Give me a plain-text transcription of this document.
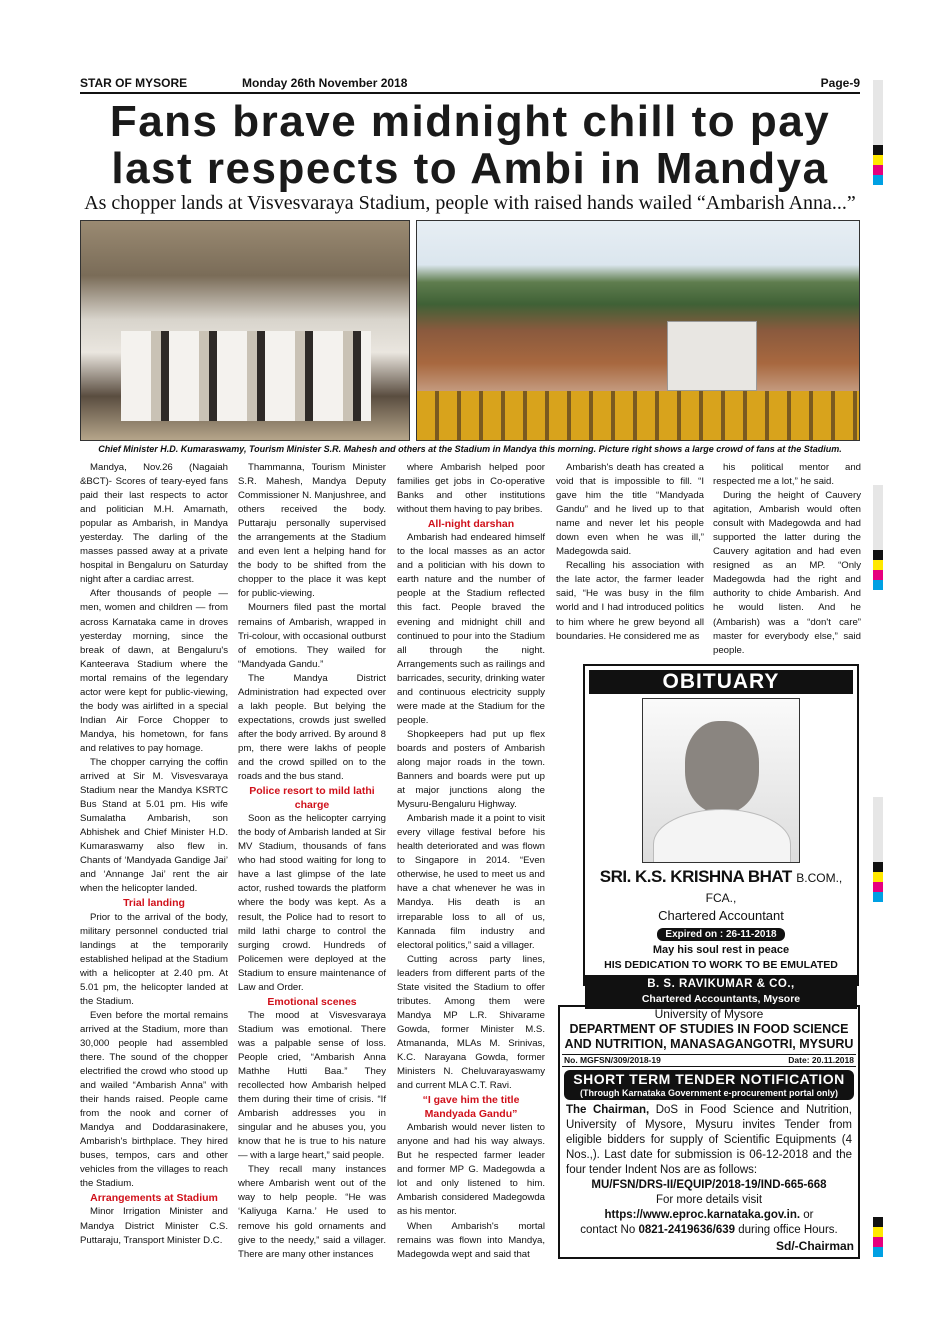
STAR OF MYSORE	Monday 26th November 2018	Page-9
Fans brave midnight chill to pay
last respects to Ambi in Mandya
As chopper lands at Visvesvaraya Stadium, people with raised hands wailed “Ambarish Anna...”
Chief Minister H.D. Kumaraswamy, Tourism Minister S.R. Mahesh and others at the Stadium in Mandya this morning. Picture right shows a large crowd of fans at the Stadium.

Mandya, Nov.26 (Nagaiah &BCT)- Scores of teary-eyed fans paid their last respects to actor and politician M.H. Amarnath, popular as Ambarish, in Mandya yesterday. The darling of the masses passed away at a private hospital in Bengaluru on Saturday night after a cardiac arrest.

After thousands of people — men, women and children — from across Karnataka came in droves yesterday morning, since the break of dawn, at Bengaluru's Kanteerava Stadium where the mortal remains of the legendary actor were kept for public-viewing, the body was airlifted in a special Indian Air Force Chopper to Mandya, his hometown, for fans and relatives to pay homage.

The chopper carrying the coffin arrived at Sir M. Visvesvaraya Stadium near the Mandya KSRTC Bus Stand at 5.01 pm. His wife Sumalatha Ambarish, son Abhishek and Chief Minister H.D. Kumaraswamy also flew in. Chants of ‘Mandyada Gandige Jai’ and ‘Annange Jai’ rent the air when the helicopter landed.

Trial landing

Prior to the arrival of the body, military personnel conducted trial landings at the temporarily established helipad at the Stadium with a helicopter at 2.40 pm. At 5.01 pm, the helicopter landed at the Stadium.

Even before the mortal remains arrived at the Stadium, more than 30,000 people had assembled there. The sound of the chopper electrified the crowd who stood up and wailed “Ambarish Anna” with their hands raised. People came from the nook and corner of Mandya and Doddarasinakere, Ambarish's birthplace. They hired buses, tempos, cars and other vehicles from the villages to reach the Stadium.

Arrangements at Stadium

Minor Irrigation Minister and Mandya District Minister C.S. Puttaraju, Transport Minister D.C.

Thammanna, Tourism Minister S.R. Mahesh, Mandya Deputy Commissioner N. Manjushree, and others received the body. Puttaraju personally supervised the arrangements at the Stadium and even lent a helping hand for the body to be shifted from the chopper to the place it was kept for public-viewing.

Mourners filed past the mortal remains of Ambarish, wrapped in Tri-colour, with occasional outburst of emotions. They wailed for “Mandyada Gandu.”

The Mandya District Administration had expected over a lakh people. But belying the expectations, crowds just swelled after the body arrived. By around 8 pm, there were lakhs of people and the crowd spilled on to the roads and the bus stand.

Police resort to mild lathi charge

Soon as the helicopter carrying the body of Ambarish landed at Sir MV Stadium, thousands of fans who had stood waiting for long to have a last glimpse of the late actor, rushed towards the platform where the body was kept. As a result, the Police had to resort to mild lathi charge to control the surging crowd. Hundreds of Policemen were deployed at the Stadium to ensure maintenance of Law and Order.

Emotional scenes

The mood at Visvesvaraya Stadium was emotional. There was a palpable sense of loss. People cried, “Ambarish Anna Mathhe Hutti Baa.” They recollected how Ambarish helped them during their time of crisis. “If Ambarish addresses you in singular and he abuses you, you know that he is true to his nature — with a large heart,” said people.

They recall many instances where Ambarish went out of the way to help people. “He was ‘Kaliyuga Karna.’ He used to remove his gold ornaments and give to the needy,” said a villager. There are many other instances

where Ambarish helped poor families get jobs in Co-operative Banks and other institutions without them having to pay bribes.

All-night darshan

Ambarish had endeared himself to the local masses as an actor and a politician with his down to earth nature and the number of people at the Stadium reflected this fact. People braved the evening and midnight chill and continued to pour into the Stadium all through the night. Arrangements such as railings and barricades, security, drinking water and continuous electricity supply were made at the Stadium for the people.

Shopkeepers had put up flex boards and posters of Ambarish along major roads in the town. Banners and boards were put up at major junctions along the Mysuru-Bengaluru Highway.

Ambarish made it a point to visit every village festival before his health deteriorated and was flown to Singapore in 2014. “Even otherwise, he used to meet us and have a chat whenever he was in Mandya. His death is an irreparable loss to all of us, Kannada film industry and electoral politics,” said a villager.

Cutting across party lines, leaders from different parts of the State visited the Stadium to offer tributes. Among them were Mandya MP L.R. Shivarame Gowda, former Minister M.S. Atmananda, MLAs M. Srinivas, K.C. Narayana Gowda, former Ministers N. Cheluvarayaswamy and current MLA C.T. Ravi.

“I gave him the title Mandyada Gandu”

Ambarish would never listen to anyone and had his way always. But he respected farmer leader and former MP G. Madegowda a lot and only listened to him. Ambarish considered Madegowda as his mentor.

When Ambarish's mortal remains was flown into Mandya, Madegowda wept and said that

Ambarish's death has created a void that is impossible to fill. “I gave him the title “Mandyada Gandu” and he lived up to that name and never let his people down even when he was ill,” Madegowda said.

Recalling his association with the late actor, the farmer leader said, “He was busy in the film world and I had introduced politics to him where he grew beyond all boundaries. He considered me as

his political mentor and respected me a lot,” he said.

During the height of Cauvery agitation, Ambarish would often consult with Madegowda and had supported the latter during the Cauvery agitation and had even resigned as an MP. “Only Madegowda had the right and authority to chide Ambarish. And he would listen. And he (Ambarish) was a “don't care” master for everybody else,” said people.

OBITUARY
SRI. K.S. KRISHNA BHAT B.COM., FCA.,
Chartered Accountant
Expired on : 26-11-2018
May his soul rest in peace
HIS DEDICATION TO WORK TO BE EMULATED
B. S. RAVIKUMAR & CO.,
Chartered Accountants, Mysore
University of Mysore
DEPARTMENT OF STUDIES IN FOOD SCIENCE
AND NUTRITION, MANASAGANGOTRI, MYSURU
No. MGFSN/309/2018-19	Date: 20.11.2018
SHORT TERM TENDER NOTIFICATION
(Through Karnataka Government e-procurement portal only)
The Chairman, DoS in Food Science and Nutrition, University of Mysore, Mysuru invites Tender from eligible bidders for supply of Scientific Equipments (4 Nos.,). Last date for submission is 06-12-2018 and the four tender Indent Nos are as follows:
MU/FSN/DRS-II/EQUIP/2018-19/IND-665-668
For more details visit
https://www.eproc.karnataka.gov.in. or
contact No 0821-2419636/639 during office Hours.
Sd/-Chairman
